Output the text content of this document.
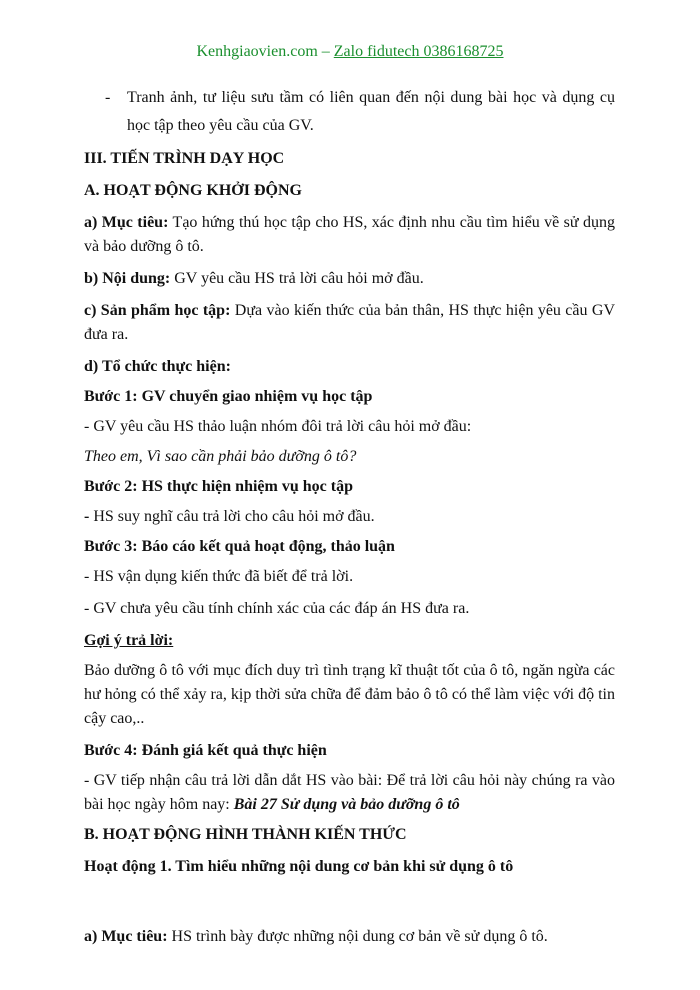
Kenhgiaovien.com – Zalo fidutech 0386168725
- Tranh ảnh, tư liệu sưu tầm có liên quan đến nội dung bài học và dụng cụ học tập theo yêu cầu của GV.

III. TIẾN TRÌNH DẠY HỌC

A. HOẠT ĐỘNG KHỞI ĐỘNG

a) Mục tiêu: Tạo hứng thú học tập cho HS, xác định nhu cầu tìm hiểu về sử dụng và bảo dưỡng ô tô.

b) Nội dung: GV yêu cầu HS trả lời câu hỏi mở đầu.

c) Sản phẩm học tập: Dựa vào kiến thức của bản thân, HS thực hiện yêu cầu GV đưa ra.

d) Tổ chức thực hiện:

Bước 1: GV chuyển giao nhiệm vụ học tập

- GV yêu cầu HS thảo luận nhóm đôi trả lời câu hỏi mở đầu:

Theo em, Vì sao cần phải bảo dưỡng ô tô?

Bước 2: HS thực hiện nhiệm vụ học tập

- HS suy nghĩ câu trả lời cho câu hỏi mở đầu.

Bước 3: Báo cáo kết quả hoạt động, thảo luận

- HS vận dụng kiến thức đã biết để trả lời.

- GV chưa yêu cầu tính chính xác của các đáp án HS đưa ra.

Gợi ý trả lời:

Bảo dưỡng ô tô với mục đích duy trì tình trạng kĩ thuật tốt của ô tô, ngăn ngừa các hư hỏng có thể xảy ra, kịp thời sửa chữa để đảm bảo ô tô có thể làm việc với độ tin cậy cao,..

Bước 4: Đánh giá kết quả thực hiện

- GV tiếp nhận câu trả lời dẫn dắt HS vào bài: Để trả lời câu hỏi này chúng ra vào bài học ngày hôm nay: Bài 27 Sử dụng và bảo dưỡng ô tô

B. HOẠT ĐỘNG HÌNH THÀNH KIẾN THỨC

Hoạt động 1. Tìm hiểu những nội dung cơ bản khi sử dụng ô tô

a) Mục tiêu: HS trình bày được những nội dung cơ bản về sử dụng ô tô.
